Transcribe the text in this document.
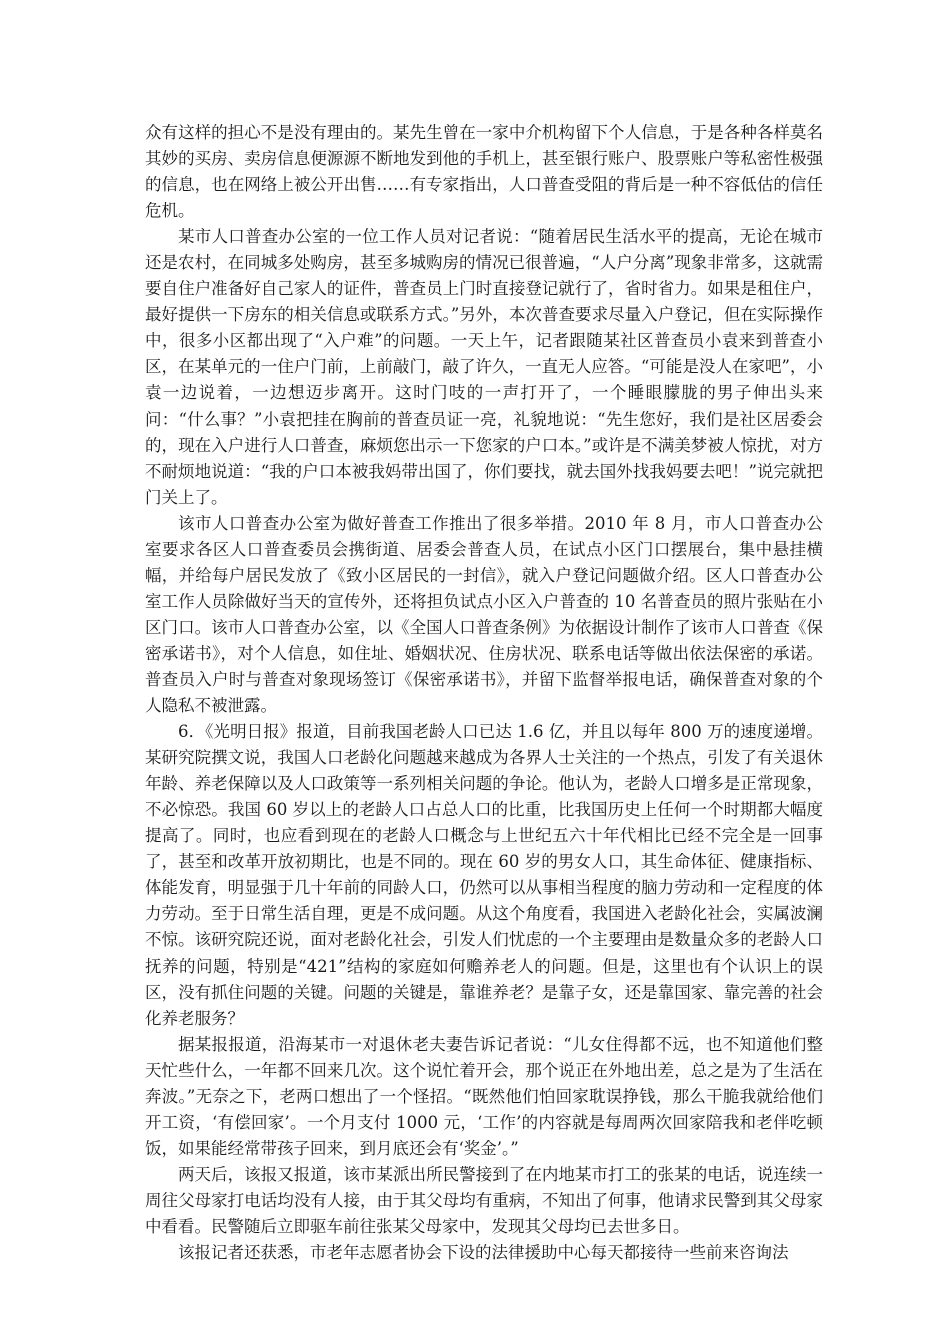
众有这样的担心不是没有理由的。某先生曾在一家中介机构留下个人信息，于是各种各样莫名其妙的买房、卖房信息便源源不断地发到他的手机上，甚至银行账户、股票账户等私密性极强的信息，也在网络上被公开出售……有专家指出，人口普查受阻的背后是一种不容低估的信任危机。

某市人口普查办公室的一位工作人员对记者说：“随着居民生活水平的提高，无论在城市还是农村，在同城多处购房，甚至多城购房的情况已很普遍，“人户分离”现象非常多，这就需要自住户准备好自己家人的证件，普查员上门时直接登记就行了，省时省力。如果是租住户，最好提供一下房东的相关信息或联系方式。”另外，本次普查要求尽量入户登记，但在实际操作中，很多小区都出现了“入户难”的问题。一天上午，记者跟随某社区普查员小袁来到普查小区，在某单元的一住户门前，上前敲门，敲了许久，一直无人应答。“可能是没人在家吧”，小袁一边说着，一边想迈步离开。这时门吱的一声打开了，一个睡眼朦胧的男子伸出头来问：“什么事？”小袁把挂在胸前的普查员证一亮，礼貌地说：“先生您好，我们是社区居委会的，现在入户进行人口普查，麻烦您出示一下您家的户口本。”或许是不满美梦被人惊扰，对方不耐烦地说道：“我的户口本被我妈带出国了，你们要找，就去国外找我妈要去吧！”说完就把门关上了。

该市人口普查办公室为做好普查工作推出了很多举措。2010 年 8 月，市人口普查办公室要求各区人口普查委员会携街道、居委会普查人员，在试点小区门口摆展台，集中悬挂横幅，并给每户居民发放了《致小区居民的一封信》，就入户登记问题做介绍。区人口普查办公室工作人员除做好当天的宣传外，还将担负试点小区入户普查的 10 名普查员的照片张贴在小区门口。该市人口普查办公室，以《全国人口普查条例》为依据设计制作了该市人口普查《保密承诺书》，对个人信息，如住址、婚姻状况、住房状况、联系电话等做出依法保密的承诺。普查员入户时与普查对象现场签订《保密承诺书》，并留下监督举报电话，确保普查对象的个人隐私不被泄露。

6．《光明日报》报道，目前我国老龄人口已达 1.6 亿，并且以每年 800 万的速度递增。某研究院撰文说，我国人口老龄化问题越来越成为各界人士关注的一个热点，引发了有关退休年龄、养老保障以及人口政策等一系列相关问题的争论。他认为，老龄人口增多是正常现象，不必惊恐。我国 60 岁以上的老龄人口占总人口的比重，比我国历史上任何一个时期都大幅度提高了。同时，也应看到现在的老龄人口概念与上世纪五六十年代相比已经不完全是一回事了，甚至和改革开放初期比，也是不同的。现在 60 岁的男女人口，其生命体征、健康指标、体能发育，明显强于几十年前的同龄人口，仍然可以从事相当程度的脑力劳动和一定程度的体力劳动。至于日常生活自理，更是不成问题。从这个角度看，我国进入老龄化社会，实属波澜不惊。该研究院还说，面对老龄化社会，引发人们忧虑的一个主要理由是数量众多的老龄人口抚养的问题，特别是“421”结构的家庭如何赡养老人的问题。但是，这里也有个认识上的误区，没有抓住问题的关键。问题的关键是，靠谁养老？是靠子女，还是靠国家、靠完善的社会化养老服务？

据某报报道，沿海某市一对退休老夫妻告诉记者说：“儿女住得都不远，也不知道他们整天忙些什么，一年都不回来几次。这个说忙着开会，那个说正在外地出差，总之是为了生活在奔波。”无奈之下，老两口想出了一个怪招。“既然他们怕回家耽误挣钱，那么干脆我就给他们开工资，‘有偿回家’。一个月支付 1000 元，‘工作’的内容就是每周两次回家陪我和老伴吃顿饭，如果能经常带孩子回来，到月底还会有‘奖金’。”

两天后，该报又报道，该市某派出所民警接到了在内地某市打工的张某的电话，说连续一周往父母家打电话均没有人接，由于其父母均有重病，不知出了何事，他请求民警到其父母家中看看。民警随后立即驱车前往张某父母家中，发现其父母均已去世多日。

该报记者还获悉，市老年志愿者协会下设的法律援助中心每天都接待一些前来咨询法
